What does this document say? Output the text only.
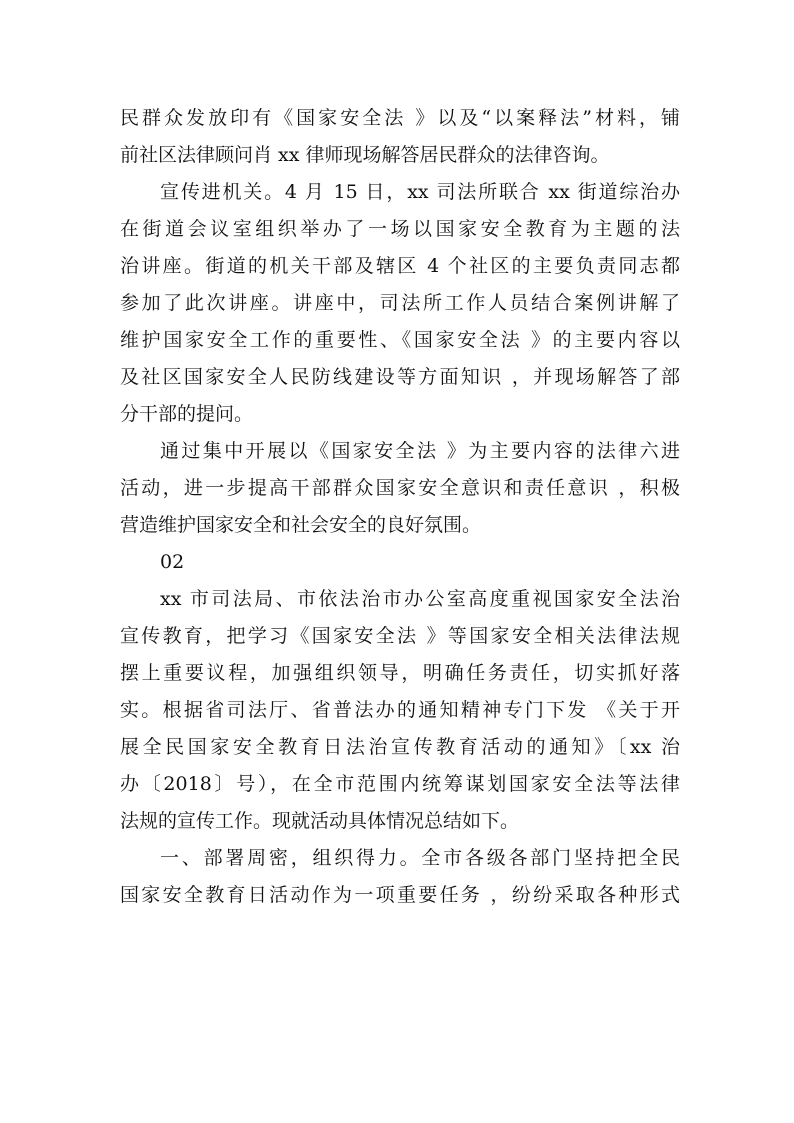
民群众发放印有《国家安全法 》以及“以案释法”材料，铺
前社区法律顾问肖 xx 律师现场解答居民群众的法律咨询。
宣传进机关。4 月 15 日，xx 司法所联合 xx 街道综治办
在街道会议室组织举办了一场以国家安全教育为主题的法
治讲座。街道的机关干部及辖区 4 个社区的主要负责同志都
参加了此次讲座。讲座中，司法所工作人员结合案例讲解了
维护国家安全工作的重要性、《国家安全法 》的主要内容以
及社区国家安全人民防线建设等方面知识 ，并现场解答了部
分干部的提问。
通过集中开展以《国家安全法 》为主要内容的法律六进
活动，进一步提高干部群众国家安全意识和责任意识 ，积极
营造维护国家安全和社会安全的良好氛围。
02
xx 市司法局、市依法治市办公室高度重视国家安全法治
宣传教育，把学习《国家安全法 》等国家安全相关法律法规
摆上重要议程，加强组织领导，明确任务责任，切实抓好落
实。根据省司法厅、省普法办的通知精神专门下发 《关于开
展全民国家安全教育日法治宣传教育活动的通知》〔xx 治
办〔2018〕号），在全市范围内统筹谋划国家安全法等法律
法规的宣传工作。现就活动具体情况总结如下。
一、部署周密，组织得力。全市各级各部门坚持把全民
国家安全教育日活动作为一项重要任务 ，纷纷采取各种形式
